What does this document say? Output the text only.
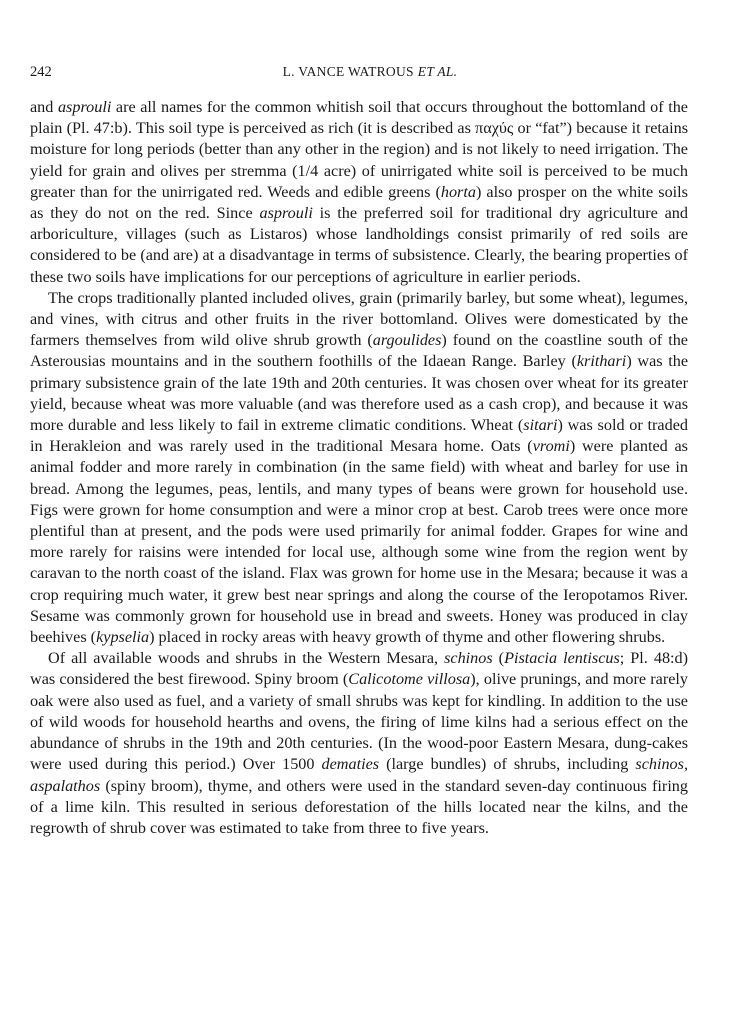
242	L. VANCE WATROUS ET AL.

and asprouli are all names for the common whitish soil that occurs throughout the bottomland of the plain (Pl. 47:b). This soil type is perceived as rich (it is described as παχύς or “fat”) because it retains moisture for long periods (better than any other in the region) and is not likely to need irrigation. The yield for grain and olives per stremma (1/4 acre) of unirrigated white soil is perceived to be much greater than for the unirrigated red. Weeds and edible greens (horta) also prosper on the white soils as they do not on the red. Since asprouli is the preferred soil for traditional dry agriculture and arboriculture, villages (such as Listaros) whose landholdings consist primarily of red soils are considered to be (and are) at a disadvantage in terms of subsistence. Clearly, the bearing properties of these two soils have implications for our perceptions of agriculture in earlier periods.

The crops traditionally planted included olives, grain (primarily barley, but some wheat), legumes, and vines, with citrus and other fruits in the river bottomland. Olives were domesticated by the farmers themselves from wild olive shrub growth (argoulides) found on the coastline south of the Asterousias mountains and in the southern foothills of the Idaean Range. Barley (krithari) was the primary subsistence grain of the late 19th and 20th centuries. It was chosen over wheat for its greater yield, because wheat was more valuable (and was therefore used as a cash crop), and because it was more durable and less likely to fail in extreme climatic conditions. Wheat (sitari) was sold or traded in Herakleion and was rarely used in the traditional Mesara home. Oats (vromi) were planted as animal fodder and more rarely in combination (in the same field) with wheat and barley for use in bread. Among the legumes, peas, lentils, and many types of beans were grown for household use. Figs were grown for home consumption and were a minor crop at best. Carob trees were once more plentiful than at present, and the pods were used primarily for animal fodder. Grapes for wine and more rarely for raisins were intended for local use, although some wine from the region went by caravan to the north coast of the island. Flax was grown for home use in the Mesara; because it was a crop requiring much water, it grew best near springs and along the course of the Ieropotamos River. Sesame was commonly grown for household use in bread and sweets. Honey was produced in clay beehives (kypselia) placed in rocky areas with heavy growth of thyme and other flowering shrubs.

Of all available woods and shrubs in the Western Mesara, schinos (Pistacia lentiscus; Pl. 48:d) was considered the best firewood. Spiny broom (Calicotome villosa), olive prunings, and more rarely oak were also used as fuel, and a variety of small shrubs was kept for kindling. In addition to the use of wild woods for household hearths and ovens, the firing of lime kilns had a serious effect on the abundance of shrubs in the 19th and 20th centuries. (In the wood-poor Eastern Mesara, dung-cakes were used during this period.) Over 1500 dematies (large bundles) of shrubs, including schinos, aspalathos (spiny broom), thyme, and others were used in the standard seven-day continuous firing of a lime kiln. This resulted in serious deforestation of the hills located near the kilns, and the regrowth of shrub cover was estimated to take from three to five years.
